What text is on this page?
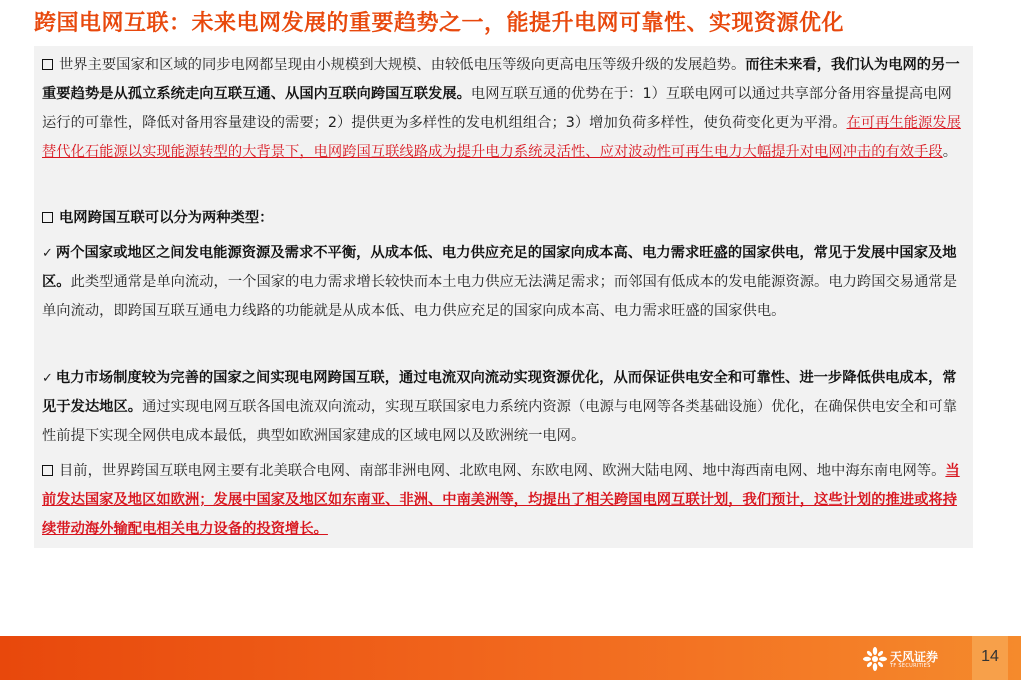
跨国电网互联：未来电网发展的重要趋势之一，能提升电网可靠性、实现资源优化

世界主要国家和区域的同步电网都呈现由小规模到大规模、由较低电压等级向更高电压等级升级的发展趋势。而往未来看，我们认为电网的另一重要趋势是从孤立系统走向互联互通、从国内互联向跨国互联发展。电网互联互通的优势在于：1）互联电网可以通过共享部分备用容量提高电网运行的可靠性，降低对备用容量建设的需要；2）提供更为多样性的发电机组组合；3）增加负荷多样性，使负荷变化更为平滑。在可再生能源发展替代化石能源以实现能源转型的大背景下，电网跨国互联线路成为提升电力系统灵活性、应对波动性可再生电力大幅提升对电网冲击的有效手段。

电网跨国互联可以分为两种类型：

✓ 两个国家或地区之间发电能源资源及需求不平衡，从成本低、电力供应充足的国家向成本高、电力需求旺盛的国家供电，常见于发展中国家及地区。此类型通常是单向流动，一个国家的电力需求增长较快而本土电力供应无法满足需求；而邻国有低成本的发电能源资源。电力跨国交易通常是单向流动，即跨国互联互通电力线路的功能就是从成本低、电力供应充足的国家向成本高、电力需求旺盛的国家供电。

✓ 电力市场制度较为完善的国家之间实现电网跨国互联，通过电流双向流动实现资源优化，从而保证供电安全和可靠性、进一步降低供电成本，常见于发达地区。通过实现电网互联各国电流双向流动，实现互联国家电力系统内资源（电源与电网等各类基础设施）优化，在确保供电安全和可靠性前提下实现全网供电成本最低，典型如欧洲国家建成的区域电网以及欧洲统一电网。

目前，世界跨国互联电网主要有北美联合电网、南部非洲电网、北欧电网、东欧电网、欧洲大陆电网、地中海西南电网、地中海东南电网等。当前发达国家及地区如欧洲；发展中国家及地区如东南亚、非洲、中南美洲等，均提出了相关跨国电网互联计划，我们预计，这些计划的推进或将持续带动海外输配电相关电力设备的投资增长。

天风证券
TF SECURITIES
14
